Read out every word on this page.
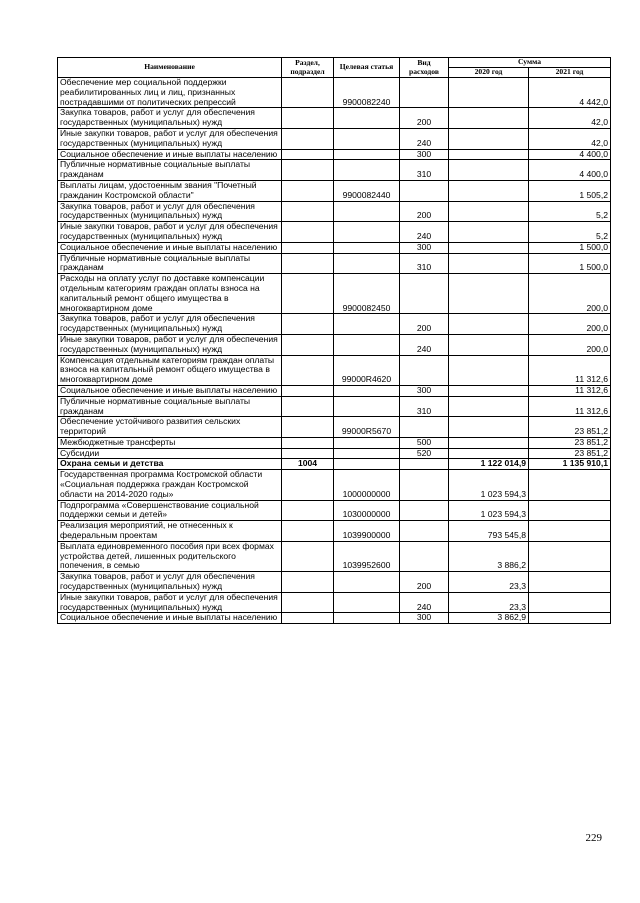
Наименование	Раздел, подраздел	Целевая статья	Вид расходов	Сумма	
				2020 год	2021 год
Обеспечение мер социальной поддержки реабилитированных лиц и лиц, признанных пострадавшими от политических репрессий		9900082240			4 442,0
Закупка товаров, работ и услуг для обеспечения государственных (муниципальных) нужд			200		42,0
Иные закупки товаров, работ и услуг для обеспечения государственных (муниципальных) нужд			240		42,0
Социальное обеспечение и иные выплаты населению			300		4 400,0
Публичные нормативные социальные выплаты гражданам			310		4 400,0
Выплаты лицам, удостоенным звания "Почетный гражданин Костромской области"		9900082440			1 505,2
Закупка товаров, работ и услуг для обеспечения государственных (муниципальных) нужд			200		5,2
Иные закупки товаров, работ и услуг для обеспечения государственных (муниципальных) нужд			240		5,2
Социальное обеспечение и иные выплаты населению			300		1 500,0
Публичные нормативные социальные выплаты гражданам			310		1 500,0
Расходы на оплату услуг по доставке компенсации отдельным категориям граждан оплаты взноса на капитальный ремонт общего имущества в многоквартирном доме		9900082450			200,0
Закупка товаров, работ и услуг для обеспечения государственных (муниципальных) нужд			200		200,0
Иные закупки товаров, работ и услуг для обеспечения государственных (муниципальных) нужд			240		200,0
Компенсация отдельным категориям граждан оплаты взноса на капитальный ремонт общего имущества в многоквартирном доме		99000R4620			11 312,6
Социальное обеспечение и иные выплаты населению			300		11 312,6
Публичные нормативные социальные выплаты гражданам			310		11 312,6
Обеспечение устойчивого развития сельских территорий		99000R5670			23 851,2
Межбюджетные трансферты			500		23 851,2
Субсидии			520		23 851,2
Охрана семьи и детства	1004			1 122 014,9	1 135 910,1
Государственная программа Костромской области «Социальная поддержка граждан Костромской области на 2014-2020 годы»		1000000000		1 023 594,3	
Подпрограмма «Совершенствование социальной поддержки семьи и детей»		1030000000		1 023 594,3	
Реализация мероприятий, не отнесенных к федеральным проектам		1039900000		793 545,8	
Выплата единовременного пособия при всех формах устройства детей, лишенных родительского попечения, в семью		1039952600		3 886,2	
Закупка товаров, работ и услуг для обеспечения государственных (муниципальных) нужд			200	23,3	
Иные закупки товаров, работ и услуг для обеспечения государственных (муниципальных) нужд			240	23,3	
Социальное обеспечение и иные выплаты населению			300	3 862,9	
229
